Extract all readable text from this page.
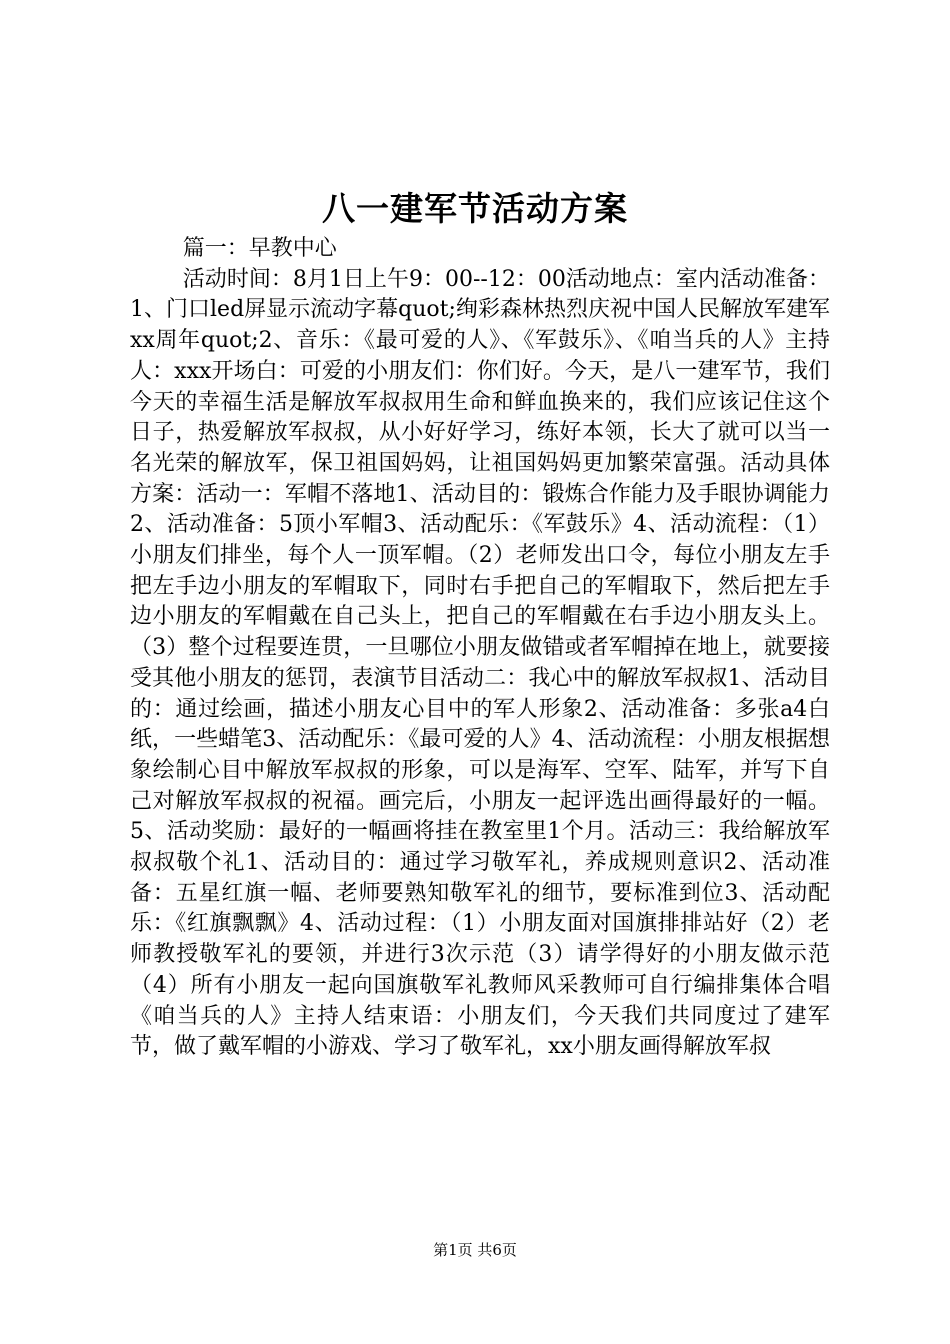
八一建军节活动方案

篇一：早教中心

活动时间：8月1日上午9：00--12：00活动地点：室内活动准备：1、门口led屏显示流动字幕quot;绚彩森林热烈庆祝中国人民解放军建军xx周年quot;2、音乐：《最可爱的人》、《军鼓乐》、《咱当兵的人》主持人：xxx开场白：可爱的小朋友们：你们好。今天，是八一建军节，我们今天的幸福生活是解放军叔叔用生命和鲜血换来的，我们应该记住这个日子，热爱解放军叔叔，从小好好学习，练好本领，长大了就可以当一名光荣的解放军，保卫祖国妈妈，让祖国妈妈更加繁荣富强。活动具体方案：活动一：军帽不落地1、活动目的：锻炼合作能力及手眼协调能力2、活动准备：5顶小军帽3、活动配乐：《军鼓乐》4、活动流程：（1）小朋友们排坐，每个人一顶军帽。（2）老师发出口令，每位小朋友左手把左手边小朋友的军帽取下，同时右手把自己的军帽取下，然后把左手边小朋友的军帽戴在自己头上，把自己的军帽戴在右手边小朋友头上。（3）整个过程要连贯，一旦哪位小朋友做错或者军帽掉在地上，就要接受其他小朋友的惩罚，表演节目活动二：我心中的解放军叔叔1、活动目的：通过绘画，描述小朋友心目中的军人形象2、活动准备：多张a4白纸，一些蜡笔3、活动配乐：《最可爱的人》4、活动流程：小朋友根据想象绘制心目中解放军叔叔的形象，可以是海军、空军、陆军，并写下自己对解放军叔叔的祝福。画完后，小朋友一起评选出画得最好的一幅。5、活动奖励：最好的一幅画将挂在教室里1个月。活动三：我给解放军叔叔敬个礼1、活动目的：通过学习敬军礼，养成规则意识2、活动准备：五星红旗一幅、老师要熟知敬军礼的细节，要标准到位3、活动配乐：《红旗飘飘》4、活动过程：（1）小朋友面对国旗排排站好（2）老师教授敬军礼的要领，并进行3次示范（3）请学得好的小朋友做示范（4）所有小朋友一起向国旗敬军礼教师风采教师可自行编排集体合唱《咱当兵的人》主持人结束语：小朋友们，今天我们共同度过了建军节，做了戴军帽的小游戏、学习了敬军礼，xx小朋友画得解放军叔

第1页 共6页
